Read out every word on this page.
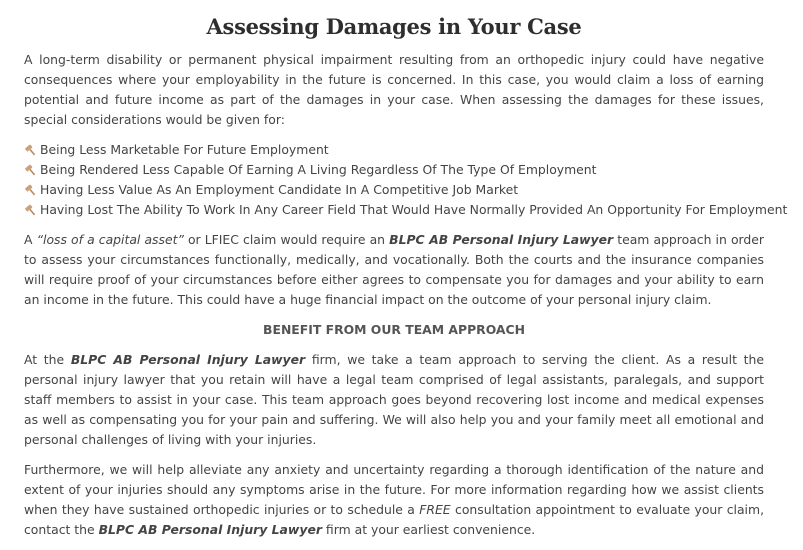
Assessing Damages in Your Case

A long-term disability or permanent physical impairment resulting from an orthopedic injury could have negative consequences where your employability in the future is concerned. In this case, you would claim a loss of earning potential and future income as part of the damages in your case. When assessing the damages for these issues, special considerations would be given for:

Being Less Marketable For Future Employment
Being Rendered Less Capable Of Earning A Living Regardless Of The Type Of Employment
Having Less Value As An Employment Candidate In A Competitive Job Market
Having Lost The Ability To Work In Any Career Field That Would Have Normally Provided An Opportunity For Employment

A “loss of a capital asset” or LFIEC claim would require an BLPC AB Personal Injury Lawyer team approach in order to assess your circumstances functionally, medically, and vocationally. Both the courts and the insurance companies will require proof of your circumstances before either agrees to compensate you for damages and your ability to earn an income in the future. This could have a huge financial impact on the outcome of your personal injury claim.

BENEFIT FROM OUR TEAM APPROACH

At the BLPC AB Personal Injury Lawyer firm, we take a team approach to serving the client. As a result the personal injury lawyer that you retain will have a legal team comprised of legal assistants, paralegals, and support staff members to assist in your case. This team approach goes beyond recovering lost income and medical expenses as well as compensating you for your pain and suffering. We will also help you and your family meet all emotional and personal challenges of living with your injuries.

Furthermore, we will help alleviate any anxiety and uncertainty regarding a thorough identification of the nature and extent of your injuries should any symptoms arise in the future. For more information regarding how we assist clients when they have sustained orthopedic injuries or to schedule a FREE consultation appointment to evaluate your claim, contact the BLPC AB Personal Injury Lawyer firm at your earliest convenience.
